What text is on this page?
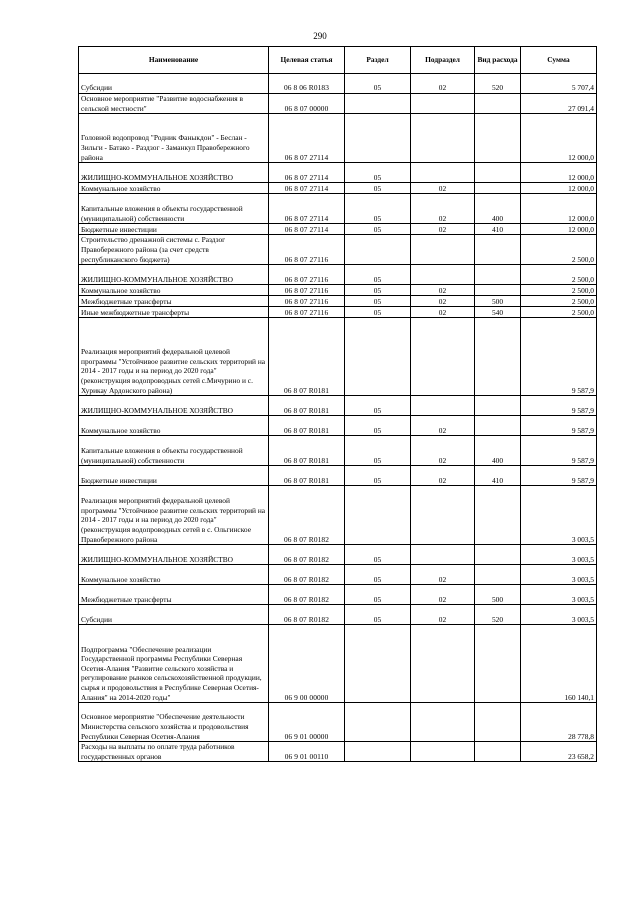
290
Наименование	Целевая статья	Раздел	Подраздел	Вид расхода	Сумма
Субсидии	06 8 06 R0183	05	02	520	5 707,4
Основное мероприятие "Развитие водоснабжения в сельской местности"	06 8 07 00000				27 091,4
Головной водопровод "Родник Фаныкдон" - Беслан - Зильги - Батако - Раздзог - Заманкул Правобережного района	06 8 07 27114				12 000,0
ЖИЛИЩНО-КОММУНАЛЬНОЕ ХОЗЯЙСТВО	06 8 07 27114	05			12 000,0
Коммунальное хозяйство	06 8 07 27114	05	02		12 000,0
Капитальные вложения в объекты государственной (муниципальной) собственности	06 8 07 27114	05	02	400	12 000,0
Бюджетные инвестиции	06 8 07 27114	05	02	410	12 000,0
Строительство дренажной системы с. Раздзог Правобережного района (за счет средств республиканского бюджета)	06 8 07 27116				2 500,0
ЖИЛИЩНО-КОММУНАЛЬНОЕ ХОЗЯЙСТВО	06 8 07 27116	05			2 500,0
Коммунальное хозяйство	06 8 07 27116	05	02		2 500,0
Межбюджетные трансферты	06 8 07 27116	05	02	500	2 500,0
Иные межбюджетные трансферты	06 8 07 27116	05	02	540	2 500,0
Реализация мероприятий федеральной целевой программы "Устойчивое развитие сельских территорий на 2014 - 2017 годы и на период до 2020 года" (реконструкция водопроводных сетей с.Мичурино и с. Хурикау Ардонского района)	06 8 07 R0181				9 587,9
ЖИЛИЩНО-КОММУНАЛЬНОЕ ХОЗЯЙСТВО	06 8 07 R0181	05			9 587,9
Коммунальное хозяйство	06 8 07 R0181	05	02		9 587,9
Капитальные вложения в объекты государственной (муниципальной) собственности	06 8 07 R0181	05	02	400	9 587,9
Бюджетные инвестиции	06 8 07 R0181	05	02	410	9 587,9
Реализация мероприятий федеральной целевой программы "Устойчивое развитие сельских территорий на 2014 - 2017 годы и на период до 2020 года" (реконструкция водопроводных сетей в с. Ольгинское Правобережного района	06 8 07 R0182				3 003,5
ЖИЛИЩНО-КОММУНАЛЬНОЕ ХОЗЯЙСТВО	06 8 07 R0182	05			3 003,5
Коммунальное хозяйство	06 8 07 R0182	05	02		3 003,5
Межбюджетные трансферты	06 8 07 R0182	05	02	500	3 003,5
Субсидии	06 8 07 R0182	05	02	520	3 003,5
Подпрограмма "Обеспечение реализации Государственной программы Республики Северная Осетия-Алания "Развитие сельского хозяйства и регулирование рынков сельскохозяйственной продукции, сырья и продовольствия в Республике Северная Осетия-Алания" на 2014-2020 годы"	06 9 00 00000				160 140,1
Основное мероприятие "Обеспечение деятельности Министерства сельского хозяйства и продовольствия Республики Северная Осетия-Алания	06 9 01 00000				28 778,8
Расходы на выплаты по оплате труда работников государственных органов	06 9 01 00110				23 658,2
